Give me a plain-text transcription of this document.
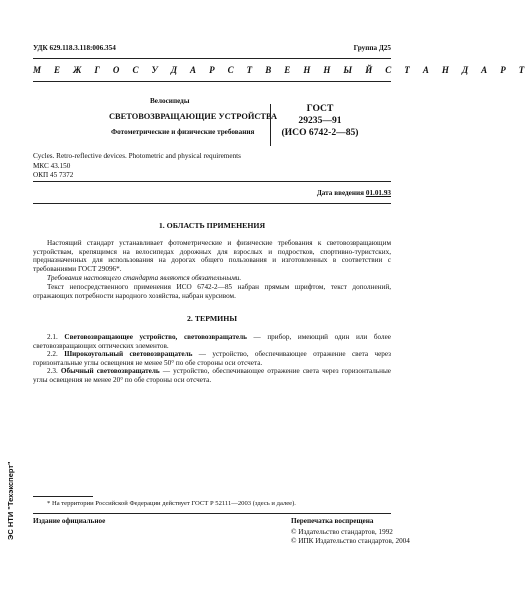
УДК 629.118.3.118:006.354	Группа Д25
М Е Ж Г О С У Д А Р С Т В Е Н Н Ы Й С Т А Н Д А Р Т
Велосипеды
СВЕТОВОЗВРАЩАЮЩИЕ УСТРОЙСТВА
Фотометрические и физические требования
ГОСТ
29235—91
(ИСО 6742-2—85)
Cycles. Retro-reflective devices. Photometric and physical requirements
МКС 43.150
ОКП 45 7372
Дата введения 01.01.93
1. ОБЛАСТЬ ПРИМЕНЕНИЯ
Настоящий стандарт устанавливает фотометрические и физические требования к световозвращающим устройствам, крепящимся на велосипедах дорожных для взрослых и подростков, спортивно-туристских, предназначенных для использования на дорогах общего пользования и изготовленных в соответствии с требованиями ГОСТ 29096*.
Требования настоящего стандарта являются обязательными.
Текст непосредственного применения ИСО 6742-2—85 набран прямым шрифтом, текст дополнений, отражающих потребности народного хозяйства, набран курсивом.
2. ТЕРМИНЫ
2.1. Световозвращающее устройство, световозвращатель — прибор, имеющий один или более световозвращающих оптических элементов.
2.2. Широкоугольный световозвращатель — устройство, обеспечивающее отражение света через горизонтальные углы освещения не менее 50° по обе стороны оси отсчета.
2.3. Обычный световозвращатель — устройство, обеспечивающее отражение света через горизонтальные углы освещения не менее 20° по обе стороны оси отсчета.
* На территории Российской Федерации действует ГОСТ Р 52111—2003 (здесь и далее).
Издание официальное	Перепечатка воспрещена
© Издательство стандартов, 1992
© ИПК Издательство стандартов, 2004
ЭС НТИ "Техэксперт"
